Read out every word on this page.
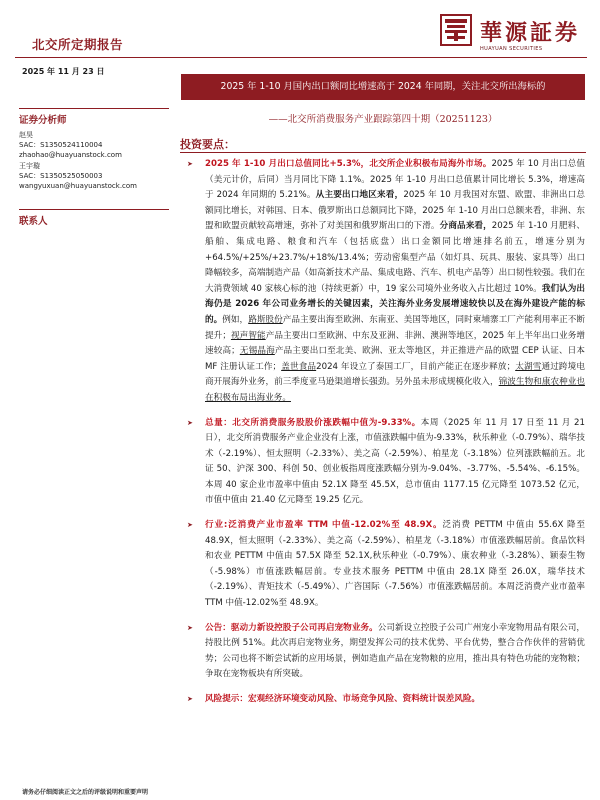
北交所定期报告	華源証券
HUAYUAN SECURITIES
2025 年 11 月 23 日
2025 年 1-10 月国内出口额同比增速高于 2024 年同期，关注北交所出海标的
——北交所消费服务产业跟踪第四十期（20251123）
证券分析师
赵昊
SAC：S1350524110004
zhaohao@huayuanstock.com
王宇璇
SAC：S1350525050003
wangyuxuan@huayuanstock.com
联系人
投资要点：
➤ 2025 年 1-10 月出口总值同比+5.3%，北交所企业积极布局海外市场。2025 年 10 月出口总值（美元计价，后同）当月同比下降 1.1%。2025 年 1-10 月出口总值累计同比增长 5.3%，增速高于 2024 年同期的 5.21%。从主要出口地区来看，2025 年 10 月我国对东盟、欧盟、非洲出口总额同比增长，对韩国、日本、俄罗斯出口总额同比下降，2025 年 1-10 月出口总额来看，非洲、东盟和欧盟贡献较高增速，弥补了对美国和俄罗斯出口的下滑。分商品来看，2025 年 1-10 月肥料、船舶、集成电路、粮食和汽车（包括底盘）出口金额同比增速排名前五，增速分别为+64.5%/+25%/+23.7%/+18%/13.4%；劳动密集型产品（如灯具、玩具、服装、家具等）出口降幅较多，高端制造产品（如高新技术产品、集成电路、汽车、机电产品等）出口韧性较强。我们在大消费领域 40 家核心标的池（持续更新）中，19 家公司境外业务收入占比超过 10%。我们认为出海仍是 2026 年公司业务增长的关键因素，关注海外业务发展增速较快以及在海外建设产能的标的。例如，路斯股份产品主要出海至欧洲、东南亚、美国等地区，同时柬埔寨工厂产能利用率正不断提升；视声智能产品主要出口至欧洲、中东及亚洲、非洲、澳洲等地区，2025 年上半年出口业务增速较高；无锡晶海产品主要出口至北美、欧洲、亚太等地区，并正推进产品的欧盟 CEP 认证、日本 MF 注册认证工作；盖世食品2024 年设立了泰国工厂，目前产能正在逐步释放；太湖雪通过跨境电商开展海外业务，前三季度亚马逊渠道增长强劲。另外虽未形成规模化收入，锦波生物和康农种业也在积极布局出海业务。
➤ 总量：北交所消费服务股股价涨跌幅中值为-9.33%。本周（2025 年 11 月 17 日至 11 月 21 日），北交所消费服务产业企业没有上涨，市值涨跌幅中值为-9.33%，秋乐种业（-0.79%）、瑞华技术（-2.19%）、恒太照明（-2.33%）、美之高（-2.59%）、柏星龙（-3.18%）位列涨跌幅前五。北证 50、沪深 300、科创 50、创业板指周度涨跌幅分别为-9.04%、-3.77%、-5.54%、-6.15%。本周 40 家企业市盈率中值由 52.1X 降至 45.5X，总市值由 1177.15 亿元降至 1073.52 亿元，市值中值由 21.40 亿元降至 19.25 亿元。
➤ 行业:泛消费产业市盈率 TTM 中值-12.02%至 48.9X。泛消费 PETTM 中值由 55.6X 降至 48.9X，恒太照明（-2.33%）、美之高（-2.59%）、柏星龙（-3.18%）市值涨跌幅居前。食品饮料和农业 PETTM 中值由 57.5X 降至 52.1X,秋乐种业（-0.79%）、康农种业（-3.28%）、颖泰生物（-5.98%）市值涨跌幅居前。专业技术服务 PETTM 中值由 28.1X 降至 26.0X，瑞华技术（-2.19%）、青矩技术（-5.49%）、广咨国际（-7.56%）市值涨跌幅居前。本周泛消费产业市盈率 TTM 中值-12.02%至 48.9X。
➤ 公告：驱动力新设控股子公司再启宠物业务。公司新设立控股子公司广州宠小幸宠物用品有限公司，持股比例 51%。此次再启宠物业务，期望发挥公司的技术优势、平台优势，整合合作伙伴的营销优势；公司也将不断尝试新的应用场景，例如造血产品在宠物粮的应用，推出具有特色功能的宠物粮；争取在宠物板块有所突破。
➤ 风险提示：宏观经济环境变动风险、市场竞争风险、资料统计误差风险。
请务必仔细阅读正文之后的评级说明和重要声明
